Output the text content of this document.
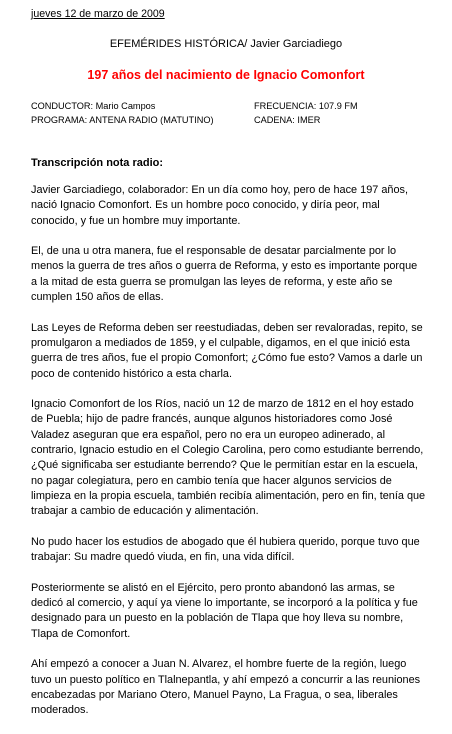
jueves 12 de marzo de 2009
EFEMÉRIDES HISTÓRICA/ Javier Garciadiego
197 años del nacimiento de Ignacio Comonfort
CONDUCTOR: Mario Campos	FRECUENCIA: 107.9 FM
PROGRAMA: ANTENA RADIO (MATUTINO)	CADENA: IMER
Transcripción nota radio:

Javier Garciadiego, colaborador: En un día como hoy, pero de hace 197 años, nació Ignacio Comonfort. Es un hombre poco conocido, y diría peor, mal conocido, y fue un hombre muy importante.

El, de una u otra manera, fue el responsable de desatar parcialmente por lo menos la guerra de tres años o guerra de Reforma, y esto es importante porque a la mitad de esta guerra se promulgan las leyes de reforma, y este año se cumplen 150 años de ellas.

Las Leyes de Reforma deben ser reestudiadas, deben ser revaloradas, repito, se promulgaron a mediados de 1859, y el culpable, digamos, en el que inició esta guerra de tres años, fue el propio Comonfort; ¿Cómo fue esto? Vamos a darle un poco de contenido histórico a esta charla.

Ignacio Comonfort de los Ríos, nació un 12 de marzo de 1812 en el hoy estado de Puebla; hijo de padre francés, aunque algunos historiadores como José Valadez aseguran que era español, pero no era un europeo adinerado, al contrario, Ignacio estudio en el Colegio Carolina, pero como estudiante berrendo, ¿Qué significaba ser estudiante berrendo? Que le permitían estar en la escuela, no pagar colegiatura, pero en cambio tenía que hacer algunos servicios de limpieza en la propia escuela, también recibía alimentación, pero en fin, tenía que trabajar a cambio de educación y alimentación.

No pudo hacer los estudios de abogado que él hubiera querido, porque tuvo que trabajar: Su madre quedó viuda, en fin, una vida difícil.

Posteriormente se alistó en el Ejército, pero pronto abandonó las armas, se dedicó al comercio, y aquí ya viene lo importante, se incorporó a la política y fue designado para un puesto en la población de Tlapa que hoy lleva su nombre, Tlapa de Comonfort.

Ahí empezó a conocer a Juan N. Alvarez, el hombre fuerte de la región, luego tuvo un puesto político en Tlalnepantla, y ahí empezó a concurrir a las reuniones encabezadas por Mariano Otero, Manuel Payno, La Fragua, o sea, liberales moderados.
